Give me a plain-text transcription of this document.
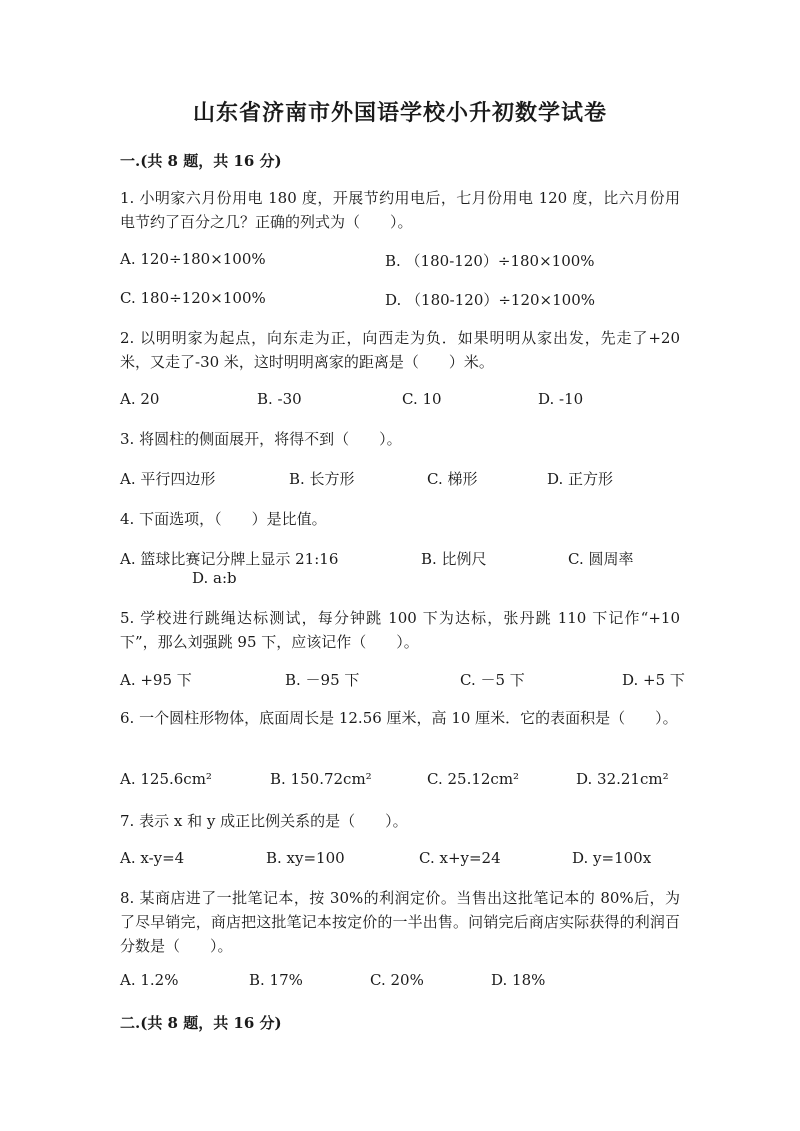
山东省济南市外国语学校小升初数学试卷
一.(共 8 题，共 16 分)
1. 小明家六月份用电 180 度，开展节约用电后，七月份用电 120 度，比六月份用电节约了百分之几？正确的列式为（　　）。
A. 120÷180×100%	B. （180-120）÷180×100%
C. 180÷120×100%	D. （180-120）÷120×100%
2. 以明明家为起点，向东走为正，向西走为负．如果明明从家出发，先走了+20 米，又走了-30 米，这时明明离家的距离是（　　）米。
A. 20	B. -30	C. 10	D. -10
3. 将圆柱的侧面展开，将得不到（　　）。
A. 平行四边形	B. 长方形	C. 梯形	D. 正方形
4. 下面选项，（　　）是比值。
A. 篮球比赛记分牌上显示 21:16	B. 比例尺	C. 圆周率
D. a:b
5. 学校进行跳绳达标测试，每分钟跳 100 下为达标，张丹跳 110 下记作“+10下”，那么刘强跳 95 下，应该记作（　　）。
A. +95 下	B. －95 下	C. －5 下	D. +5 下
6. 一个圆柱形物体，底面周长是 12.56 厘米，高 10 厘米．它的表面积是（　　）。
A. 125.6cm²	B. 150.72cm²	C. 25.12cm²	D. 32.21cm²
7. 表示 x 和 y 成正比例关系的是（　　）。
A. x-y=4	B. xy=100	C. x+y=24	D. y=100x
8. 某商店进了一批笔记本，按 30%的利润定价。当售出这批笔记本的 80%后，为了尽早销完，商店把这批笔记本按定价的一半出售。问销完后商店实际获得的利润百分数是（　　）。
A. 1.2%	B. 17%	C. 20%	D. 18%
二.(共 8 题，共 16 分)
